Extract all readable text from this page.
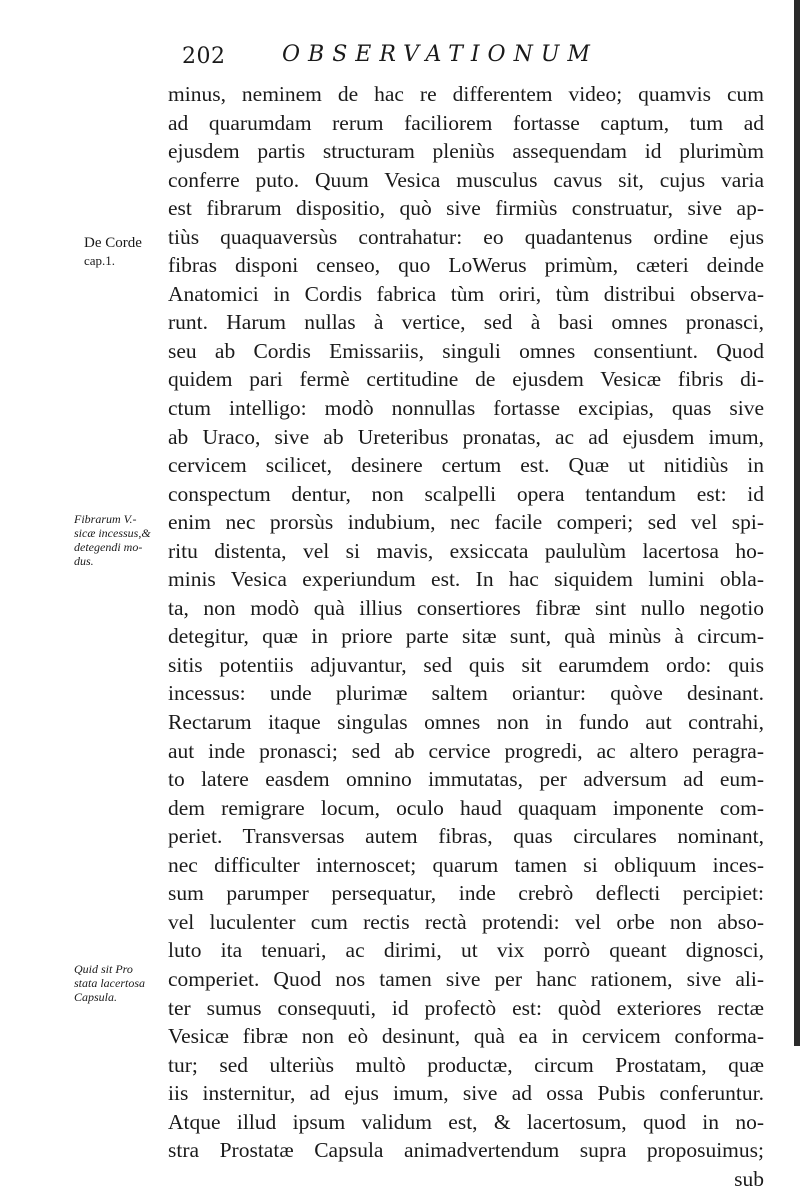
202	OBSERVATIONUM
De Corde
cap.1.
Fibrarum V.-
sicæ incessus,&
detegendi mo-
dus.
Quid sit Pro
stata lacertosa
Capsula.
minus, neminem de hac re differentem video; quamvis cum
ad quarumdam rerum faciliorem fortasse captum, tum ad
ejusdem partis structuram pleniùs assequendam id plurimùm
conferre puto. Quum Vesica musculus cavus sit, cujus varia
est fibrarum dispositio, quò sive firmiùs construatur, sive ap-
tiùs quaquaversùs contrahatur: eo quadantenus ordine ejus
fibras disponi censeo, quo LoWerus primùm, cæteri deinde
Anatomici in Cordis fabrica tùm oriri, tùm distribui observa-
runt. Harum nullas à vertice, sed à basi omnes pronasci,
seu ab Cordis Emissariis, singuli omnes consentiunt. Quod
quidem pari fermè certitudine de ejusdem Vesicæ fibris di-
ctum intelligo: modò nonnullas fortasse excipias, quas sive
ab Uraco, sive ab Ureteribus pronatas, ac ad ejusdem imum,
cervicem scilicet, desinere certum est. Quæ ut nitidiùs in
conspectum dentur, non scalpelli opera tentandum est: id
enim nec prorsùs indubium, nec facile comperi; sed vel spi-
ritu distenta, vel si mavis, exsiccata paululùm lacertosa ho-
minis Vesica experiundum est. In hac siquidem lumini obla-
ta, non modò quà illius consertiores fibræ sint nullo negotio
detegitur, quæ in priore parte sitæ sunt, quà minùs à circum-
sitis potentiis adjuvantur, sed quis sit earumdem ordo: quis
incessus: unde plurimæ saltem oriantur: quòve desinant.
Rectarum itaque singulas omnes non in fundo aut contrahi,
aut inde pronasci; sed ab cervice progredi, ac altero peragra-
to latere easdem omnino immutatas, per adversum ad eum-
dem remigrare locum, oculo haud quaquam imponente com-
periet. Transversas autem fibras, quas circulares nominant,
nec difficulter internoscet; quarum tamen si obliquum inces-
sum parumper persequatur, inde crebrò deflecti percipiet:
vel luculenter cum rectis rectà protendi: vel orbe non abso-
luto ita tenuari, ac dirimi, ut vix porrò queant dignosci,
comperiet. Quod nos tamen sive per hanc rationem, sive ali-
ter sumus consequuti, id profectò est: quòd exteriores rectæ
Vesicæ fibræ non eò desinunt, quà ea in cervicem conforma-
tur; sed ulteriùs multò productæ, circum Prostatam, quæ
iis insternitur, ad ejus imum, sive ad ossa Pubis conferuntur.
Atque illud ipsum validum est, & lacertosum, quod in no-
stra Prostatæ Capsula animadvertendum supra proposuimus;
sub
